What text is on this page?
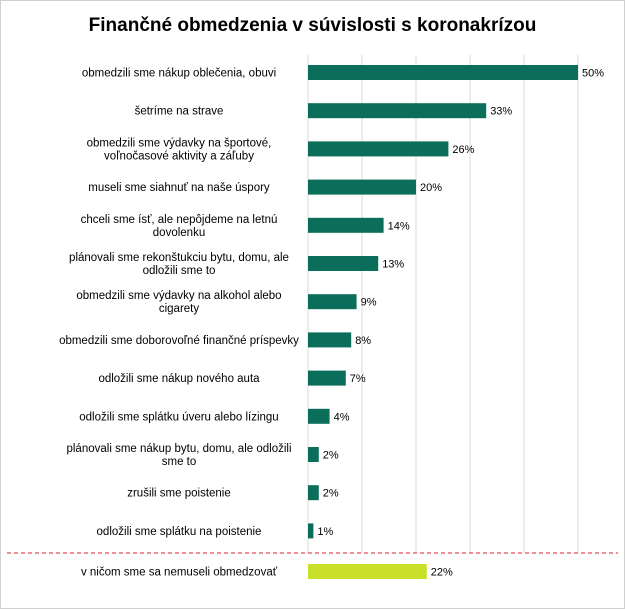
Finančné obmedzenia v súvislosti s koronakrízou
50%
obmedzili sme nákup oblečenia, obuvi
33%
šetríme na strave
26%
obmedzili sme výdavky na športové,
voľnočasové aktivity a záľuby
20%
museli sme siahnuť na naše úspory
14%
chceli sme ísť, ale nepôjdeme na letnú
dovolenku
13%
plánovali sme rekonštukciu bytu, domu, ale
odložili sme to
9%
obmedzili sme výdavky na alkohol alebo
cigarety
8%
obmedzili sme doborovoľné finančné príspevky
7%
odložili sme nákup nového auta
4%
odložili sme splátku úveru alebo lízingu
2%
plánovali sme nákup bytu, domu, ale odložili
sme to
2%
zrušili sme poistenie
1%
odložili sme splátku na poistenie
22%
v ničom sme sa nemuseli obmedzovať
